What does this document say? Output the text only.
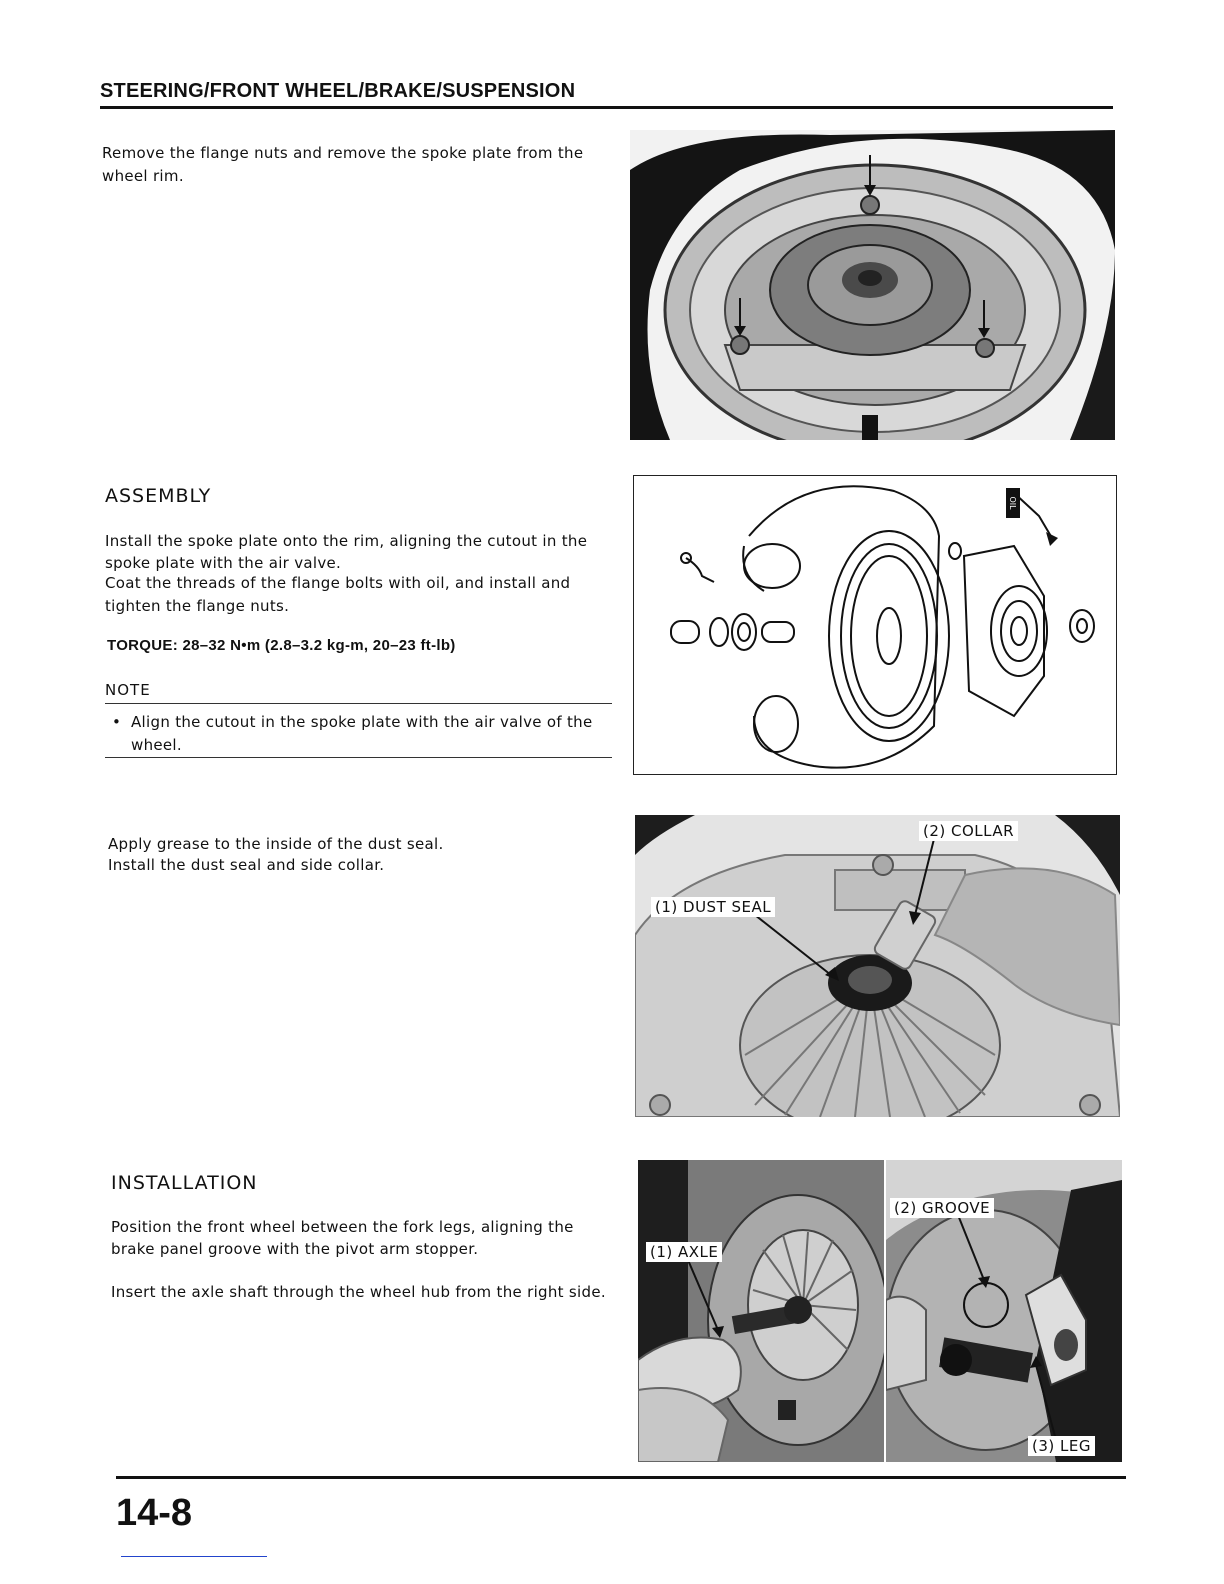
STEERING/FRONT WHEEL/BRAKE/SUSPENSION
Remove the flange nuts and remove the spoke plate from the
wheel rim.
ASSEMBLY
Install the spoke plate onto the rim, aligning the cutout in the
spoke plate with the air valve.
Coat the threads of the flange bolts with oil, and install and
tighten the flange nuts.
TORQUE: 28–32 N•m (2.8–3.2 kg-m, 20–23 ft-lb)
NOTE
• Align the cutout in the spoke plate with the air valve of the
wheel.
OIL
Apply grease to the inside of the dust seal.
Install the dust seal and side collar.
(2) COLLAR
(1) DUST SEAL
INSTALLATION
Position the front wheel between the fork legs, aligning the
brake panel groove with the pivot arm stopper.
Insert the axle shaft through the wheel hub from the right side.
(1) AXLE
(2) GROOVE
(3) LEG
14-8
